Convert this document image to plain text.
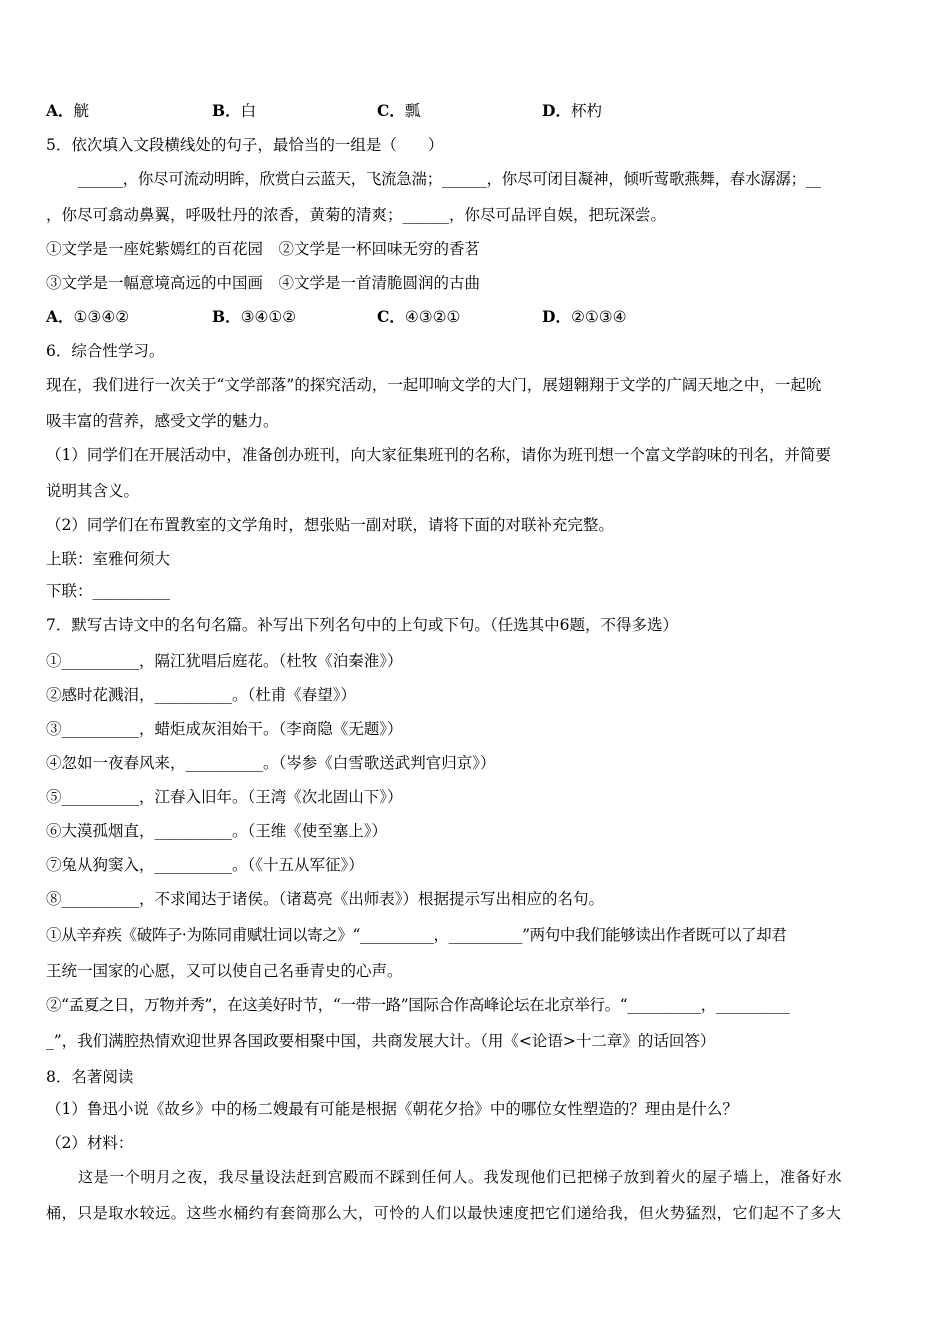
A．觥	B．白	C．瓢	D．杯杓
5．依次填入文段横线处的句子，最恰当的一组是（　　）
______，你尽可流动明眸，欣赏白云蓝天，飞流急湍；______，你尽可闭目凝神，倾听莺歌燕舞，春水潺潺；__
，你尽可翕动鼻翼，呼吸牡丹的浓香，黄菊的清爽；______，你尽可品评自娱，把玩深尝。
①文学是一座姹紫嫣红的百花园　②文学是一杯回味无穷的香茗
③文学是一幅意境高远的中国画　④文学是一首清脆圆润的古曲
A．①③④②	B．③④①②	C．④③②①	D．②①③④
6．综合性学习。
现在，我们进行一次关于“文学部落”的探究活动，一起叩响文学的大门，展翅翱翔于文学的广阔天地之中，一起吮
吸丰富的营养，感受文学的魅力。
（1）同学们在开展活动中，准备创办班刊，向大家征集班刊的名称，请你为班刊想一个富文学韵味的刊名，并简要
说明其含义。
（2）同学们在布置教室的文学角时，想张贴一副对联，请将下面的对联补充完整。
上联：室雅何须大
下联：__________
7．默写古诗文中的名句名篇。补写出下列名句中的上句或下句。（任选其中6题，不得多选）
①__________，隔江犹唱后庭花。（杜牧《泊秦淮》）
②感时花溅泪，__________。（杜甫《春望》）
③__________，蜡炬成灰泪始干。（李商隐《无题》）
④忽如一夜春风来，__________。（岑参《白雪歌送武判官归京》）
⑤__________，江春入旧年。（王湾《次北固山下》）
⑥大漠孤烟直，__________。（王维《使至塞上》）
⑦兔从狗窦入，__________。（《十五从军征》）
⑧__________，不求闻达于诸侯。（诸葛亮《出师表》）根据提示写出相应的名句。
①从辛弃疾《破阵子·为陈同甫赋壮词以寄之》“__________，__________”两句中我们能够读出作者既可以了却君
王统一国家的心愿，又可以使自己名垂青史的心声。
②“孟夏之日，万物并秀”，在这美好时节，“一带一路”国际合作高峰论坛在北京举行。“__________，__________
_”，我们满腔热情欢迎世界各国政要相聚中国，共商发展大计。（用《<论语>十二章》的话回答）
8．名著阅读
（1）鲁迅小说《故乡》中的杨二嫂最有可能是根据《朝花夕拾》中的哪位女性塑造的？理由是什么？
（2）材料：
这是一个明月之夜，我尽量设法赶到宫殿而不踩到任何人。我发现他们已把梯子放到着火的屋子墙上，准备好水
桶，只是取水较远。这些水桶约有套筒那么大，可怜的人们以最快速度把它们递给我，但火势猛烈，它们起不了多大
